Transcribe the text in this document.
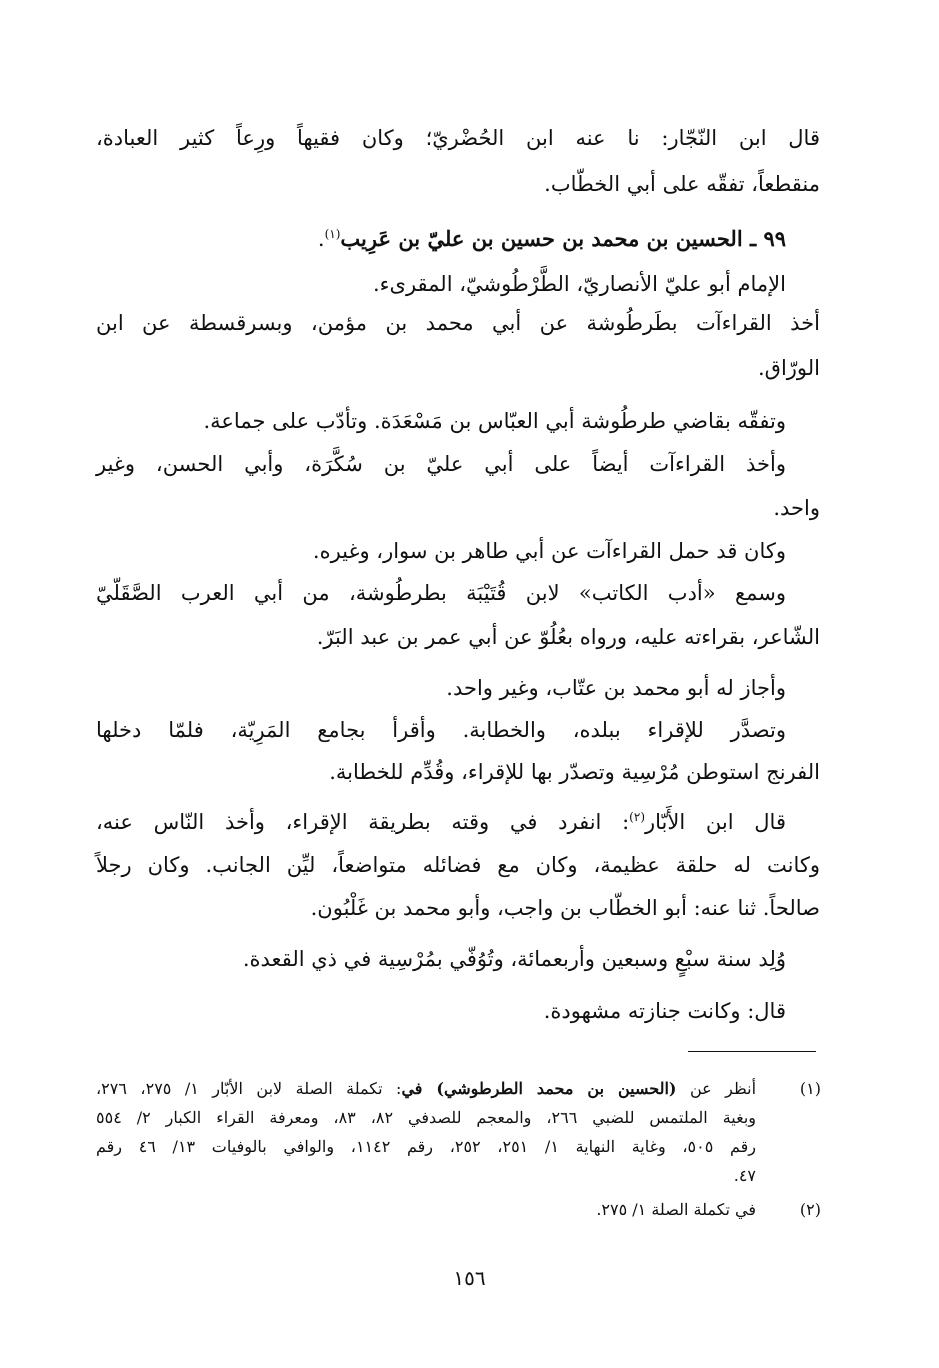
قال ابن النّجّار: نا عنه ابن الحُضْريّ؛ وكان فقيهاً ورِعاً كثير العبادة،
منقطعاً، تفقّه على أبي الخطّاب.
٩٩ ـ الحسين بن محمد بن حسين بن عليّ بن عَرِيب$^{(١)}$.
الإمام أبو عليّ الأنصاريّ، الطَّرْطُوشيّ، المقرىء.
أخذ القراءآت بطَرطُوشة عن أبي محمد بن مؤمن، وبسرقسطة عن ابن
الورّاق.
وتفقّه بقاضي طرطُوشة أبي العبّاس بن مَسْعَدَة. وتأدّب على جماعة.
وأخذ القراءآت أيضاً على أبي عليّ بن سُكَّرَة، وأبي الحسن، وغير
واحد.
وكان قد حمل القراءآت عن أبي طاهر بن سوار، وغيره.
وسمع «أدب الكاتب» لابن قُتَيْبَة بطرطُوشة، من أبي العرب الصَّقَلّيّ
الشّاعر، بقراءته عليه، ورواه بعُلُوّ عن أبي عمر بن عبد البَرّ.
وأجاز له أبو محمد بن عتّاب، وغير واحد.
وتصدَّر للإقراء ببلده، والخطابة. وأقرأ بجامع المَرِيّة، فلمّا دخلها
الفرنج استوطن مُرْسِية وتصدّر بها للإقراء، وقُدِّم للخطابة.
قال ابن الأَبّار$^{(٢)}$: انفرد في وقته بطريقة الإقراء، وأخذ النّاس عنه،
وكانت له حلقة عظيمة، وكان مع فضائله متواضعاً، ليِّن الجانب. وكان رجلاً
صالحاً. ثنا عنه: أبو الخطّاب بن واجب، وأبو محمد بن غَلْبُون.
وُلِد سنة سبْعٍ وسبعين وأربعمائة، وتُوُفّي بمُرْسِية في ذي القعدة.
قال: وكانت جنازته مشهودة.
(١)
أنظر عن (الحسين بن محمد الطرطوشي) في: تكملة الصلة لابن الأبّار ١/ ٢٧٥، ٢٧٦،
وبغية الملتمس للضبي ٢٦٦، والمعجم للصدفي ٨٢، ٨٣، ومعرفة القراء الكبار ٢/ ٥٥٤
رقم ٥٠٥، وغاية النهاية ١/ ٢٥١، ٢٥٢، رقم ١١٤٢، والوافي بالوفيات ١٣/ ٤٦ رقم
٤٧.
(٢)
في تكملة الصلة ١/ ٢٧٥.
١٥٦
